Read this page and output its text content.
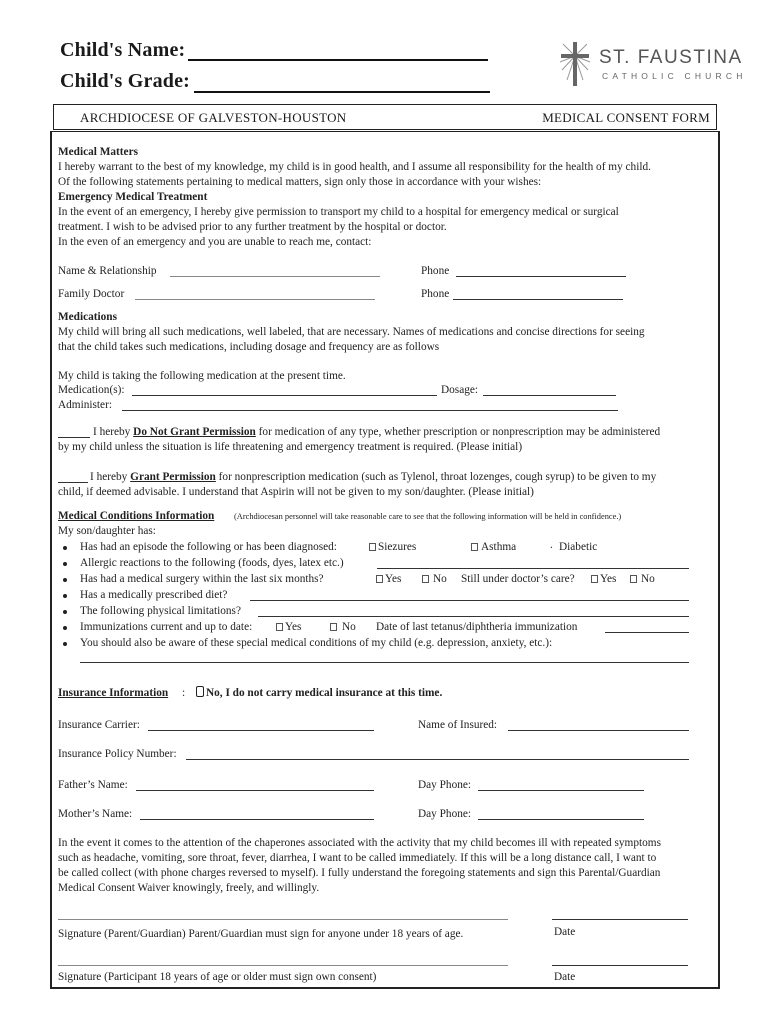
Child's Name:
Child's Grade:
ST. FAUSTINA
CATHOLIC CHURCH
ARCHDIOCESE OF GALVESTON-HOUSTON	MEDICAL CONSENT FORM
Medical Matters
I hereby warrant to the best of my knowledge, my child is in good health, and I assume all responsibility for the health of my child.
Of the following statements pertaining to medical matters, sign only those in accordance with your wishes:
Emergency Medical Treatment
In the event of an emergency, I hereby give permission to transport my child to a hospital for emergency medical or surgical
treatment. I wish to be advised prior to any further treatment by the hospital or doctor.
In the even of an emergency and you are unable to reach me, contact:
Name & Relationship	Phone
Family Doctor	Phone
Medications
My child will bring all such medications, well labeled, that are necessary. Names of medications and concise directions for seeing
that the child takes such medications, including dosage and frequency are as follows
My child is taking the following medication at the present time.
Medication(s):	Dosage:
Administer:
I hereby Do Not Grant Permission for medication of any type, whether prescription or nonprescription may be administered
by my child unless the situation is life threatening and emergency treatment is required. (Please initial)
I hereby Grant Permission for nonprescription medication (such as Tylenol, throat lozenges, cough syrup) to be given to my
child, if deemed advisable. I understand that Aspirin will not be given to my son/daughter. (Please initial)
Medical Conditions Information (Archdiocesan personnel will take reasonable care to see that the following information will be held in confidence.)
My son/daughter has:
Has had an episode the following or has been diagnosed:	Siezures	Asthma	. Diabetic
Allergic reactions to the following (foods, dyes, latex etc.)
Has had a medical surgery within the last six months?	Yes	No Still under doctor’s care? Yes No
Has a medically prescribed diet?
The following physical limitations?
Immunizations current and up to date:	Yes	No Date of last tetanus/diphtheria immunization
You should also be aware of these special medical conditions of my child (e.g. depression, anxiety, etc.):
Insurance Information : No, I do not carry medical insurance at this time.
Insurance Carrier:	Name of Insured:
Insurance Policy Number:
Father’s Name:	Day Phone:
Mother’s Name:	Day Phone:
In the event it comes to the attention of the chaperones associated with the activity that my child becomes ill with repeated symptoms
such as headache, vomiting, sore throat, fever, diarrhea, I want to be called immediately. If this will be a long distance call, I want to
be called collect (with phone charges reversed to myself). I fully understand the foregoing statements and sign this Parental/Guardian
Medical Consent Waiver knowingly, freely, and willingly.
Signature (Parent/Guardian) Parent/Guardian must sign for anyone under 18 years of age.	Date
Signature (Participant 18 years of age or older must sign own consent)	Date
